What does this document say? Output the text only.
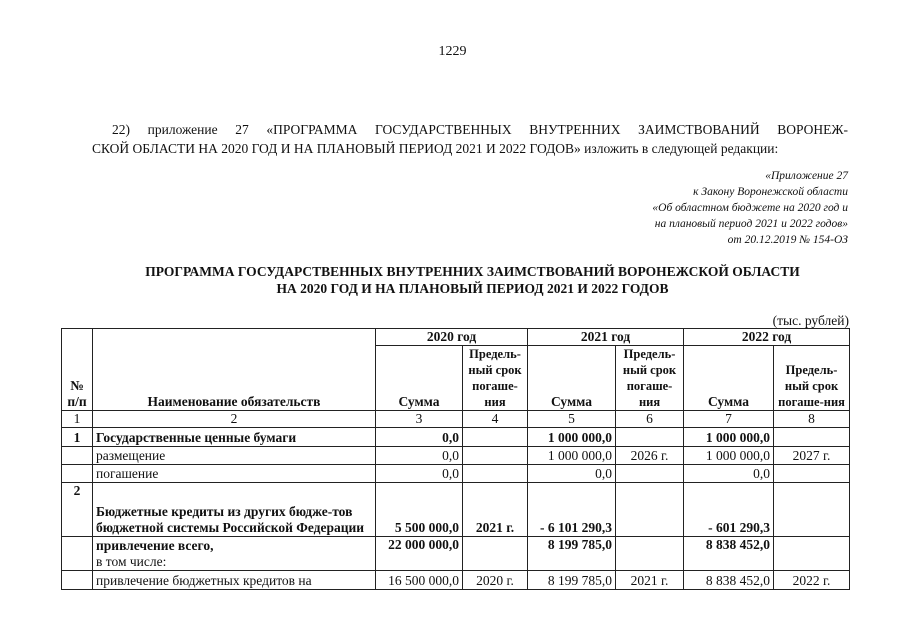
1229
22) приложение 27 «ПРОГРАММА ГОСУДАРСТВЕННЫХ ВНУТРЕННИХ ЗАИМСТВОВАНИЙ ВОРОНЕЖ-
СКОЙ ОБЛАСТИ НА 2020 ГОД И НА ПЛАНОВЫЙ ПЕРИОД 2021 И 2022 ГОДОВ» изложить в следующей редакции:
«Приложение 27
к Закону Воронежской области
«Об областном бюджете на 2020 год и
на плановый период 2021 и 2022 годов»
от 20.12.2019 № 154-ОЗ
ПРОГРАММА ГОСУДАРСТВЕННЫХ ВНУТРЕННИХ ЗАИМСТВОВАНИЙ ВОРОНЕЖСКОЙ ОБЛАСТИ
НА 2020 ГОД И НА ПЛАНОВЫЙ ПЕРИОД 2021 И 2022 ГОДОВ
(тыс. рублей)
№ п/п	Наименование обязательств	2020 год		2021 год		2022 год	
		Сумма	Предель-ный срок погаше-ния	Сумма	Предель-ный срок погаше-ния	Сумма	Предель-ный срок погаше-ния
1	2	3	4	5	6	7	8
1	Государственные ценные бумаги	0,0		1 000 000,0		1 000 000,0	
	размещение	0,0		1 000 000,0	2026 г.	1 000 000,0	2027 г.
	погашение	0,0		0,0		0,0	
2	Бюджетные кредиты из других бюдже-тов бюджетной системы Российской Федерации	5 500 000,0	2021 г.	- 6 101 290,3		- 601 290,3	

	привлечение всего,
в том числе:	22 000 000,0		8 199 785,0		8 838 452,0	
	привлечение бюджетных кредитов на	16 500 000,0	2020 г.	8 199 785,0	2021 г.	8 838 452,0	2022 г.
